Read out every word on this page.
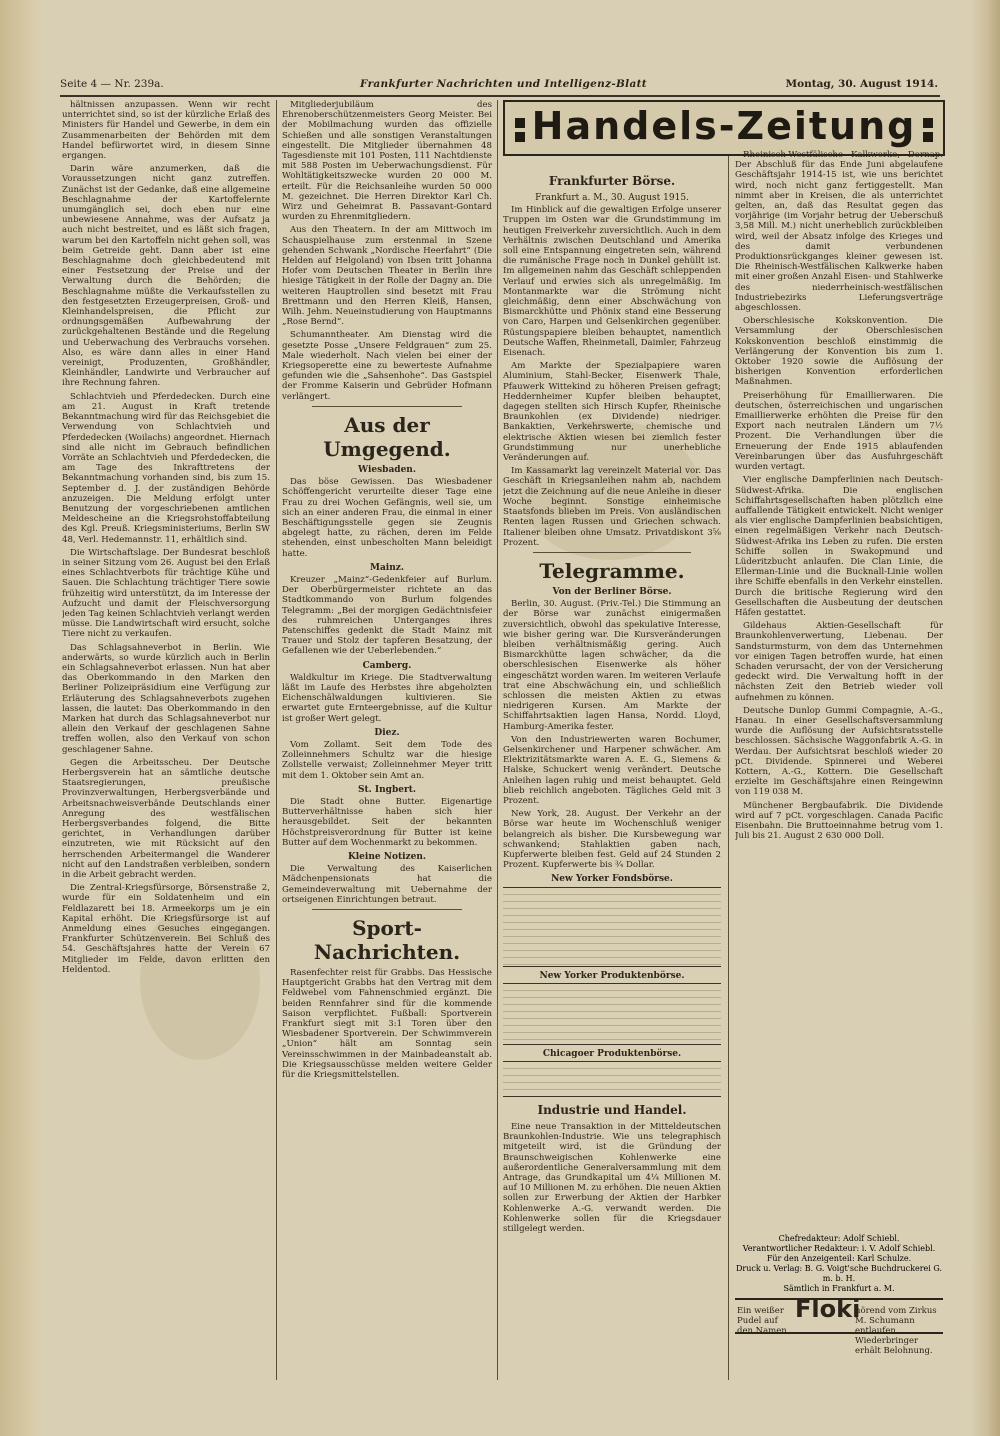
Seite 4 — Nr. 239a.	Frankfurter Nachrichten und Intelligenz-Blatt	Montag, 30. August 1914.

hältnissen anzupassen. Wenn wir recht unterrichtet sind, so ist der kürzliche Erlaß des Ministers für Handel und Gewerbe, in dem ein Zusammenarbeiten der Behörden mit dem Handel befürwortet wird, in diesem Sinne ergangen.

Darin wäre anzumerken, daß die Voraussetzungen nicht ganz zutreffen. Zunächst ist der Gedanke, daß eine allgemeine Beschlagnahme der Kartoffelernte unumgänglich sei, doch eben nur eine unbewiesene Annahme, was der Aufsatz ja auch nicht bestreitet, und es läßt sich fragen, warum bei den Kartoffeln nicht gehen soll, was beim Getreide geht. Dann aber ist eine Beschlagnahme doch gleichbedeutend mit einer Festsetzung der Preise und der Verwaltung durch die Behörden; die Beschlagnahme müßte die Verkaufsstellen zu den festgesetzten Erzeugerpreisen, Groß- und Kleinhandelspreisen, die Pflicht zur ordnungsgemäßen Aufbewahrung der zurückgehaltenen Bestände und die Regelung und Ueberwachung des Verbrauchs vorsehen. Also, es wäre dann alles in einer Hand vereinigt, Produzenten, Großhändler, Kleinhändler, Landwirte und Verbraucher auf ihre Rechnung fahren.

Schlachtvieh und Pferdedecken. Durch eine am 21. August in Kraft tretende Bekanntmachung wird für das Reichsgebiet die Verwendung von Schlachtvieh und Pferdedecken (Woilachs) angeordnet. Hiernach sind alle nicht im Gebrauch befindlichen Vorräte an Schlachtvieh und Pferdedecken, die am Tage des Inkrafttretens der Bekanntmachung vorhanden sind, bis zum 15. September d. J. der zuständigen Behörde anzuzeigen. Die Meldung erfolgt unter Benutzung der vorgeschriebenen amtlichen Meldescheine an die Kriegsrohstoffabteilung des Kgl. Preuß. Kriegsministeriums, Berlin SW 48, Verl. Hedemannstr. 11, erhältlich sind.

Die Wirtschaftslage. Der Bundesrat beschloß in seiner Sitzung vom 26. August bei den Erlaß eines Schlachtverbots für trächtige Kühe und Sauen. Die Schlachtung trächtiger Tiere sowie frühzeitig wird unterstützt, da im Interesse der Aufzucht und damit der Fleischversorgung jeden Tag keinen Schlachtvieh verlangt werden müsse. Die Landwirtschaft wird ersucht, solche Tiere nicht zu verkaufen.

Das Schlagsahneverbot in Berlin. Wie anderwärts, so wurde kürzlich auch in Berlin ein Schlagsahneverbot erlassen. Nun hat aber das Oberkommando in den Marken den Berliner Polizeipräsidium eine Verfügung zur Erläuterung des Schlagsahneverbots zugehen lassen, die lautet: Das Oberkommando in den Marken hat durch das Schlagsahneverbot nur allein den Verkauf der geschlagenen Sahne treffen wollen, also den Verkauf von schon geschlagener Sahne.

Gegen die Arbeitsscheu. Der Deutsche Herbergsverein hat an sämtliche deutsche Staatsregierungen, preußische Provinzverwaltungen, Herbergsverbände und Arbeitsnachweisverbände Deutschlands einer Anregung des westfälischen Herbergsverbandes folgend, die Bitte gerichtet, in Verhandlungen darüber einzutreten, wie mit Rücksicht auf den herrschenden Arbeitermangel die Wanderer nicht auf den Landstraßen verbleiben, sondern in die Arbeit gebracht werden.

Die Zentral-Kriegsfürsorge, Börsenstraße 2, wurde für ein Soldatenheim und ein Feldlazarett bei 18. Armeekorps um je ein Kapital erhöht. Die Kriegsfürsorge ist auf Anmeldung eines Gesuches eingegangen. Frankfurter Schützenverein. Bei Schluß des 54. Geschäftsjahres hatte der Verein 67 Mitglieder im Felde, davon erlitten den Heldentod.

Mitgliederjubiläum des Ehrenoberschützenmeisters Georg Meister. Bei der Mobilmachung wurden das offizielle Schießen und alle sonstigen Veranstaltungen eingestellt. Die Mitglieder übernahmen 48 Tagesdienste mit 101 Posten, 111 Nachtdienste mit 588 Posten im Ueberwachungsdienst. Für Wohltätigkeitszwecke wurden 20 000 M. erteilt. Für die Reichsanleihe wurden 50 000 M. gezeichnet. Die Herren Direktor Karl Ch. Wirz und Geheimrat B. Passavant-Gontard wurden zu Ehrenmitgliedern.

Aus den Theatern. In der am Mittwoch im Schauspielhause zum erstenmal in Szene gehenden Schwank „Nordische Heerfahrt“ (Die Helden auf Helgoland) von Ibsen tritt Johanna Hofer vom Deutschen Theater in Berlin ihre hiesige Tätigkeit in der Rolle der Dagny an. Die weiteren Hauptrollen sind besetzt mit Frau Brettmann und den Herren Kleiß, Hansen, Wilh. Jehm. Neueinstudierung von Hauptmanns „Rose Bernd“.

Schumanntheater. Am Dienstag wird die gesetzte Posse „Unsere Feldgrauen“ zum 25. Male wiederholt. Nach vielen bei einer der Kriegsoperette eine zu bewerteste Aufnahme gefunden wie die „Sahsenhohe“. Das Gastspiel der Fromme Kaiserin und Gebrüder Hofmann verlängert.

Aus der Umgegend.
Wiesbaden.

Das böse Gewissen. Das Wiesbadener Schöffengericht verurteilte dieser Tage eine Frau zu drei Wochen Gefängnis, weil sie, um sich an einer anderen Frau, die einmal in einer Beschäftigungsstelle gegen sie Zeugnis abgelegt hatte, zu rächen, deren im Felde stehenden, einst unbescholten Mann beleidigt hatte.

Mainz.

Kreuzer „Mainz“-Gedenkfeier auf Burlum. Der Oberbürgermeister richtete an das Stadtkommando von Burlum folgendes Telegramm: „Bei der morgigen Gedächtnisfeier des ruhmreichen Unterganges ihres Patenschiffes gedenkt die Stadt Mainz mit Trauer und Stolz der tapferen Besatzung, der Gefallenen wie der Ueberlebenden.“

Camberg.

Waldkultur im Kriege. Die Stadtverwaltung läßt im Laufe des Herbstes ihre abgeholzten Eichenschälwaldungen kultivieren. Sie erwartet gute Ernteergebnisse, auf die Kultur ist großer Wert gelegt.

Diez.

Vom Zollamt. Seit dem Tode des Zolleinnehmers Schultz war die hiesige Zollstelle verwaist; Zolleinnehmer Meyer tritt mit dem 1. Oktober sein Amt an.

St. Ingbert.

Die Stadt ohne Butter. Eigenartige Butterverhältnisse haben sich hier herausgebildet. Seit der bekannten Höchstpreisverordnung für Butter ist keine Butter auf dem Wochenmarkt zu bekommen.

Kleine Notizen.

Die Verwaltung des Kaiserlichen Mädchenpensionats hat die Gemeindeverwaltung mit Uebernahme der ortseigenen Einrichtungen betraut.

Sport-Nachrichten.

Rasenfechter reist für Grabbs. Das Hessische Hauptgericht Grabbs hat den Vertrag mit dem Feldwebel vom Fahnenschmied ergänzt. Die beiden Rennfahrer sind für die kommende Saison verpflichtet. Fußball: Sportverein Frankfurt siegt mit 3:1 Toren über den Wiesbadener Sportverein. Der Schwimmverein „Union“ hält am Sonntag sein Vereinsschwimmen in der Mainbadeanstalt ab. Die Kriegsausschüsse melden weitere Gelder für die Kriegsmittelstellen.

Handels-Zeitung
Frankfurter Börse.
Frankfurt a. M., 30. August 1915.

Im Hinblick auf die gewaltigen Erfolge unserer Truppen im Osten war die Grundstimmung im heutigen Freiverkehr zuversichtlich. Auch in dem Verhältnis zwischen Deutschland und Amerika soll eine Entspannung eingetreten sein, während die rumänische Frage noch in Dunkel gehüllt ist. Im allgemeinen nahm das Geschäft schleppenden Verlauf und erwies sich als unregelmäßig. Im Montanmarkte war die Strömung nicht gleichmäßig, denn einer Abschwächung von Bismarckhütte und Phönix stand eine Besserung von Caro, Harpen und Gelsenkirchen gegenüber. Rüstungspapiere bleiben behauptet, namentlich Deutsche Waffen, Rheinmetall, Daimler, Fahrzeug Eisenach.

Am Markte der Spezialpapiere waren Aluminium, Stahl-Becker, Eisenwerk Thale, Pfauwerk Wittekind zu höheren Preisen gefragt; Heddernheimer Kupfer bleiben behauptet, dagegen stellten sich Hirsch Kupfer, Rheinische Braunkohlen (ex Dividende) niedriger. Bankaktien, Verkehrswerte, chemische und elektrische Aktien wiesen bei ziemlich fester Grundstimmung nur unerhebliche Veränderungen auf.

Im Kassamarkt lag vereinzelt Material vor. Das Geschäft in Kriegsanleihen nahm ab, nachdem jetzt die Zeichnung auf die neue Anleihe in dieser Woche beginnt. Sonstige einheimische Staatsfonds blieben im Preis. Von ausländischen Renten lagen Russen und Griechen schwach. Italiener bleiben ohne Umsatz. Privatdiskont 3⅝ Prozent.

Telegramme.
Von der Berliner Börse.

Berlin, 30. August. (Priv.-Tel.) Die Stimmung an der Börse war zunächst einigermaßen zuversichtlich, obwohl das spekulative Interesse, wie bisher gering war. Die Kursveränderungen bleiben verhältnismäßig gering. Auch Bismarckhütte lagen schwächer, da die oberschlesischen Eisenwerke als höher eingeschätzt worden waren. Im weiteren Verlaufe trat eine Abschwächung ein, und schließlich schlossen die meisten Aktien zu etwas niedrigeren Kursen. Am Markte der Schiffahrtsaktien lagen Hansa, Nordd. Lloyd, Hamburg-Amerika fester.

Von den Industriewerten waren Bochumer, Gelsenkirchener und Harpener schwächer. Am Elektrizitätsmarkte waren A. E. G., Siemens & Halske, Schuckert wenig verändert. Deutsche Anleihen lagen ruhig und meist behauptet. Geld blieb reichlich angeboten. Tägliches Geld mit 3 Prozent.

New York, 28. August. Der Verkehr an der Börse war heute im Wochenschluß weniger belangreich als bisher. Die Kursbewegung war schwankend; Stahlaktien gaben nach, Kupferwerte bleiben fest. Geld auf 24 Stunden 2 Prozent. Kupferwerte bis ¾ Dollar.

New Yorker Fondsbörse.
New Yorker Produktenbörse.
Chicagoer Produktenbörse.
Industrie und Handel.

Eine neue Transaktion in der Mitteldeutschen Braunkohlen-Industrie. Wie uns telegraphisch mitgeteilt wird, ist die Gründung der Braunschweigischen Kohlenwerke eine außerordentliche Generalversammlung mit dem Antrage, das Grundkapital um 4¼ Millionen M. auf 10 Millionen M. zu erhöhen. Die neuen Aktien sollen zur Erwerbung der Aktien der Harbker Kohlenwerke A.-G. verwandt werden. Die Kohlenwerke sollen für die Kriegsdauer stillgelegt werden.

Rheinisch-Westfälische Kalkwerke, Dornap. Der Abschluß für das Ende Juni abgelaufene Geschäftsjahr 1914-15 ist, wie uns berichtet wird, noch nicht ganz fertiggestellt. Man nimmt aber in Kreisen, die als unterrichtet gelten, an, daß das Resultat gegen das vorjährige (im Vorjahr betrug der Ueberschuß 3,58 Mill. M.) nicht unerheblich zurückbleiben wird, weil der Absatz infolge des Krieges und des damit verbundenen Produktionsrückganges kleiner gewesen ist. Die Rheinisch-Westfälischen Kalkwerke haben mit einer großen Anzahl Eisen- und Stahlwerke des niederrheinisch-westfälischen Industriebezirks Lieferungsverträge abgeschlossen.

Oberschlesische Kokskonvention. Die Versammlung der Oberschlesischen Kokskonvention beschloß einstimmig die Verlängerung der Konvention bis zum 1. Oktober 1920 sowie die Auflösung der bisherigen Konvention erforderlichen Maßnahmen.

Preiserhöhung für Emaillierwaren. Die deutschen, österreichischen und ungarischen Emaillierwerke erhöhten die Preise für den Export nach neutralen Ländern um 7½ Prozent. Die Verhandlungen über die Erneuerung der Ende 1915 ablaufenden Vereinbarungen über das Ausfuhrgeschäft wurden vertagt.

Vier englische Dampferlinien nach Deutsch-Südwest-Afrika. Die englischen Schiffahrtsgesellschaften haben plötzlich eine auffallende Tätigkeit entwickelt. Nicht weniger als vier englische Dampferlinien beabsichtigen, einen regelmäßigen Verkehr nach Deutsch-Südwest-Afrika ins Leben zu rufen. Die ersten Schiffe sollen in Swakopmund und Lüderitzbucht anlaufen. Die Clan Linie, die Ellerman-Linie und die Bucknall-Linie wollen ihre Schiffe ebenfalls in den Verkehr einstellen. Durch die britische Regierung wird den Gesellschaften die Ausbeutung der deutschen Häfen gestattet.

Gildehaus Aktien-Gesellschaft für Braunkohlenverwertung, Liebenau. Der Sandsturmsturm, von dem das Unternehmen vor einigen Tagen betroffen wurde, hat einen Schaden verursacht, der von der Versicherung gedeckt wird. Die Verwaltung hofft in der nächsten Zeit den Betrieb wieder voll aufnehmen zu können.

Deutsche Dunlop Gummi Compagnie, A.-G., Hanau. In einer Gesellschaftsversammlung wurde die Auflösung der Aufsichtsratsstelle beschlossen. Sächsische Waggonfabrik A.-G. in Werdau. Der Aufsichtsrat beschloß wieder 20 pCt. Dividende. Spinnerei und Weberei Kottern, A.-G., Kottern. Die Gesellschaft erzielte im Geschäftsjahre einen Reingewinn von 119 038 M.

Münchener Bergbaufabrik. Die Dividende wird auf 7 pCt. vorgeschlagen. Canada Pacific Eisenbahn. Die Bruttoeinnahme betrug vom 1. Juli bis 21. August 2 630 000 Doll.

Chefredakteur: Adolf Schiebl.
Verantwortlicher Redakteur: i. V. Adolf Schiebl.
Für den Anzeigenteil: Karl Schulze.
Druck u. Verlag: B. G. Voigt'sche Buchdruckerei G. m. b. H.
Sämtlich in Frankfurt a. M.
Ein weißer Pudel auf den Namen
Floki
hörend vom Zirkus M. Schumann entlaufen. Wiederbringer erhält Belohnung.
